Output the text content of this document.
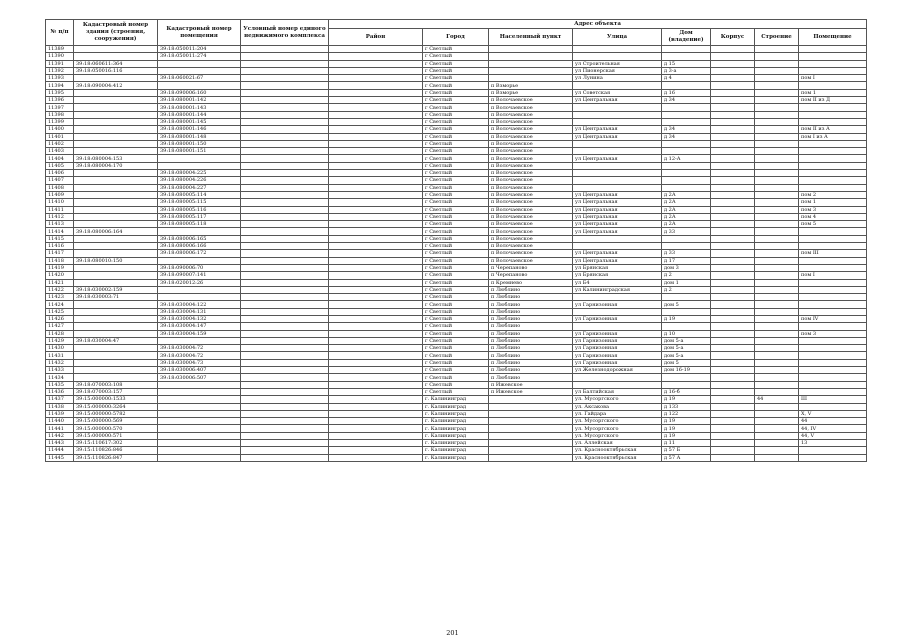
№ п/п	Кадастровый номер здания (строения, сооружения)	Кадастровый номер помещения	Условный номер единого недвижимого комплекса	Адрес объекта							
				Район	Город	Населенный пункт	Улица	Дом (владение)	Корпус	Строение	Помещение
11389		39:18:050011:204			г Светлый						
11390		39:18:050011:274			г Светлый						
11391	39:18:060611:364				г Светлый		ул Строительная	д 15			
11392	39:18:050016:116				г Светлый		ул Пионерская	д 3-а			
11393		39:18:060021:67			г Светлый		ул Лунина	д 4			пом I
11394	39:18:090004:412				г Светлый	п Взморье					
11395		39:18:090006:160			г Светлый	п Взморье	ул Советская	д 16			пом 1
11396		39:18:080001:142			г Светлый	п Волочаевское	ул Центральная	д 34			пом II из Д
11397		39:18:080001:143			г Светлый	п Волочаевское					
11398		39:18:080001:144			г Светлый	п Волочаевское					
11399		39:18:080001:145			г Светлый	п Волочаевское					
11400		39:18:080001:146			г Светлый	п Волочаевское	ул Центральная	д 34			пом II из А
11401		39:18:080001:148			г Светлый	п Волочаевское	ул Центральная	д 34			пом I из А
11402		39:18:080001:150			г Светлый	п Волочаевское					
11403		39:18:080001:151			г Светлый	п Волочаевское					
11404	39:18:080004:153				г Светлый	п Волочаевское	ул Центральная	д 12-А			
11405	39:18:080004:170				г Светлый	п Волочаевское					
11406		39:18:080004:225			г Светлый	п Волочаевское					
11407		39:18:080004:226			г Светлый	п Волочаевское					
11408		39:18:080004:227			г Светлый	п Волочаевское					
11409		39:18:080005:114			г Светлый	п Волочаевское	ул Центральная	д 2А			пом 2
11410		39:18:080005:115			г Светлый	п Волочаевское	ул Центральная	д 2А			пом 1
11411		39:18:080005:116			г Светлый	п Волочаевское	ул Центральная	д 2А			пом 3
11412		39:18:080005:117			г Светлый	п Волочаевское	ул Центральная	д 2А			пом 4
11413		39:18:080005:118			г Светлый	п Волочаевское	ул Центральная	д 2А			пом 5
11414	39:18:080006:164				г Светлый	п Волочаевское	ул Центральная	д 33			
11415		39:18:080006:165			г Светлый	п Волочаевское					
11416		39:18:080006:166			г Светлый	п Волочаевское					
11417		39:18:080006:172			г Светлый	п Волочаевское	ул Центральная	д 33			пом III
11418	39:18:080010:150				г Светлый	п Волочаевское	ул Центральная	д 17			
11419		39:18:090006:70			г Светлый	п Черепаново	ул Брянская	дом 3			
11420		39:18:090007:141			г Светлый	п Черепаново	ул Брянская	д 2			пом I
11421		39:18:020012:26			г Светлый	п Кремнево	ул Б4	дом 1			
11422	39:18:030002:159				г Светлый	п Люблино	ул Калининградская	д 2			
11423	39:18:030003:71				г Светлый	п Люблино					
11424		39:18:030004:122			г Светлый	п Люблино	ул Гарнизонная	дом 5			
11425		39:18:030004:131			г Светлый	п Люблино					
11426		39:18:030004:132			г Светлый	п Люблино	ул Гарнизонная	д 19			пом IV
11427		39:18:030004:147			г Светлый	п Люблино					
11428		39:18:030004:159			г Светлый	п Люблино	ул Гарнизонная	д 10			пом 3
11429	39:18:030004:47				г Светлый	п Люблино	ул Гарнизонная	дом 5-а			
11430		39:18:030004:72			г Светлый	п Люблино	ул Гарнизонная	дом 5-а			
11431		39:18:030004:72			г Светлый	п Люблино	ул Гарнизонная	дом 5-а			
11432		39:18:030004:73			г Светлый	п Люблино	ул Гарнизонная	дом 5			
11433		39:18:030006:407			г Светлый	п Люблино	ул Железнодорожная	дом 16-19			
11434		39:18:030006:507			г Светлый	п Люблино					
11435	39:18:070003:108				г Светлый	п Ижевское					
11436	39:18:070003:157				г Светлый	п Ижевское	ул Балтийская	д 16-б			
11437	39:15:000000:1533				г. Калининград		ул. Мусоргского	д 19		44	III
11438	39:15:000000:3264				г. Калининград		ул. Аксакова	д 133			
11439	39:15:000000:5782				г. Калининград		ул. Гайдара	д 122			X, V
11440	39:15:000000:569				г. Калининград		ул. Мусоргского	д 19			44
11441	39:15:000000:570				г. Калининград		ул. Мусоргского	д 19			44, IV
11442	39:15:000000:571				г. Калининград		ул. Мусоргского	д 19			44, V
11443	39:15:110617:302				г. Калининград		ул. Аллейская	д 11			13
11444	39:15:110826:846				г. Калининград		ул. Краснооктябрьская	д 57 Б			
11445	39:15:110826:847				г. Калининград		ул. Краснооктябрьская	д 57 А			
201
